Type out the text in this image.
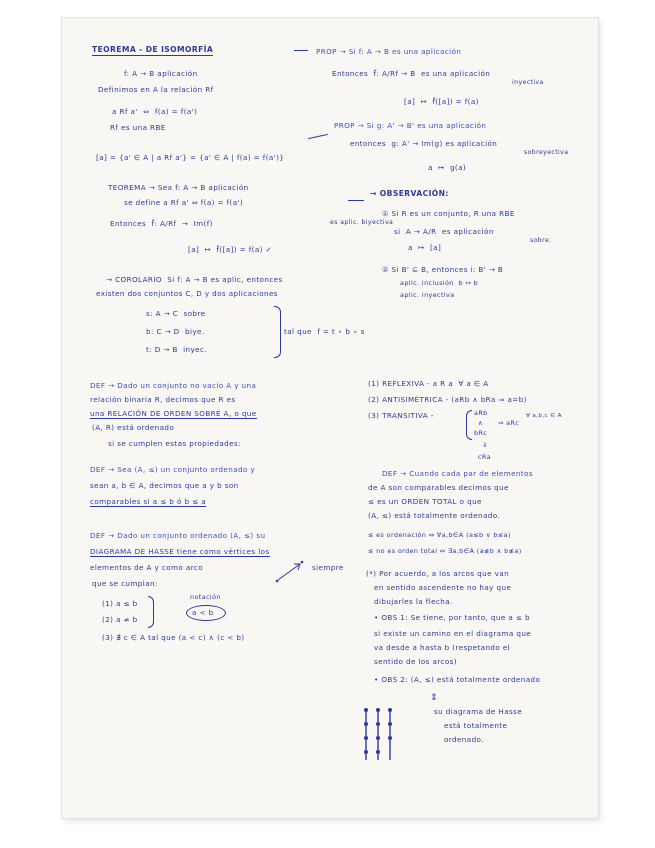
TEOREMA - DE ISOMORFÍA
f: A → B aplicación
Definimos en A la relación Rf
a Rf a'  ⇔  f(a) = f(a')
Rf es una RBE
[a] = {a' ∈ A | a Rf a'} = {a' ∈ A | f(a) = f(a')}
TEOREMA → Sea f: A → B aplicación
se define a Rf a' ⇔ f(a) = f(a')
Entonces  f̃: A/Rf  →  Im(f)	es aplic. biyectiva
[a]  ↦  f̃([a]) = f(a) ✓
→ COROLARIO  Si f: A → B es aplic, entonces
existen dos conjuntos C, D y dos aplicaciones
s: A → C  sobre
b: C → D  biye.
t: D → B  inyec.
tal que  f = t ∘ b ∘ s
DEF → Dado un conjunto no vacío A y una
relación binaria R, decimos que R es
una RELACIÓN DE ORDEN SOBRE A, o que
(A, R) está ordenado
si se cumplen estas propiedades:
DEF → Sea (A, ≤) un conjunto ordenado y
sean a, b ∈ A, decimos que a y b son
comparables si a ≤ b ó b ≤ a
DEF → Dado un conjunto ordenado (A, ≤) su
DIAGRAMA DE HASSE tiene como vértices los
elementos de A y como arco	siempre
que se cumplan:
(1) a ≤ b
(2) a ≠ b
notación
a < b
(3) ∄ c ∈ A tal que (a < c) ∧ (c < b)
PROP → Si f: A → B es una aplicación
Entonces  f̃: A/Rf → B  es una aplicación
inyectiva
[a]  ↦  f̃([a]) = f(a)
PROP → Si g: A' → B' es una aplicación
entonces  g: A' → Im(g) es aplicación
sobreyectiva
a  ↦  g(a)
→ OBSERVACIÓN:
① Si R es un conjunto, R una RBE
si  A → A/R  es aplicación
sobre.
a  ↦  [a]
② Si B' ⊆ B, entonces i: B' → B
aplic. inclusión  b ↦ b
aplic. inyectiva
(1) REFLEXIVA - a R a  ∀ a ∈ A
(2) ANTISIMÉTRICA - (aRb ∧ bRa ⇒ a=b)
(3) TRANSITIVA -	aRb
∧
bRc
⇒ aRc
∀ a,b,c ∈ A
⇓
cRa
DEF → Cuando cada par de elementos
de A son comparables decimos que
≤ es un ORDEN TOTAL o que
(A, ≤) está totalmente ordenado.
≤ es ordenación ⇔ ∀a,b∈A (a≤b ∨ b≤a)
≤ no es orden total ⇔ ∃a,b∈A (a≰b ∧ b≰a)
(*) Por acuerdo, a los arcos que van
en sentido ascendente no hay que
dibujarles la flecha.
• OBS 1: Se tiene, por tanto, que a ≤ b
si existe un camino en el diagrama que
va desde a hasta b (respetando el
sentido de los arcos)
• OBS 2: (A, ≤) está totalmente ordenado
⇕
su diagrama de Hasse
está totalmente
ordenado.
